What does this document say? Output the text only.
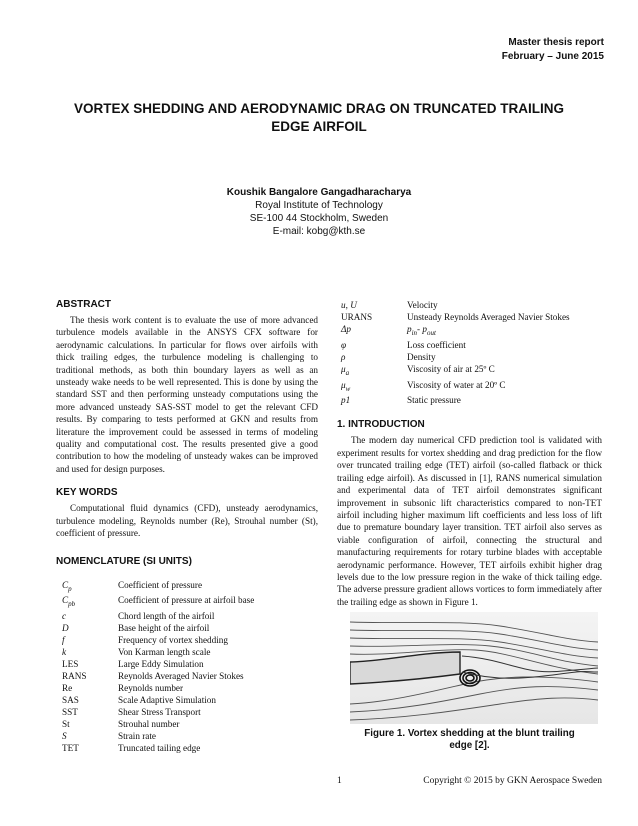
Master thesis report
February – June 2015
VORTEX SHEDDING AND AERODYNAMIC DRAG ON TRUNCATED TRAILING
EDGE AIRFOIL
Koushik Bangalore Gangadharacharya
Royal Institute of Technology
SE-100 44 Stockholm, Sweden
E-mail: kobg@kth.se
ABSTRACT

The thesis work content is to evaluate the use of more advanced turbulence models available in the ANSYS CFX software for aerodynamic calculations. In particular for flows over airfoils with thick trailing edges, the turbulence modeling is challenging to traditional methods, as both thin boundary layers as well as an unsteady wake needs to be well represented. This is done by using the standard SST and then performing unsteady computations using the more advanced unsteady SAS-SST model to get the relevant CFD results. By comparing to tests performed at GKN and results from literature the improvement could be assessed in terms of modeling quality and computational cost. The results presented give a good contribution to how the modeling of unsteady wakes can be improved and used for design purposes.

KEY WORDS

Computational fluid dynamics (CFD), unsteady aerodynamics, turbulence modeling, Reynolds number (Re), Strouhal number (St), coefficient of pressure.

NOMENCLATURE (SI UNITS)
$C_p$	Coefficient of pressure
$C_{pb}$	Coefficient of pressure at airfoil base
c	Chord length of the airfoil
D	Base height of the airfoil
f	Frequency of vortex shedding
k	Von Karman length scale
LES	Large Eddy Simulation
RANS	Reynolds Averaged Navier Stokes
Re	Reynolds number
SAS	Scale Adaptive Simulation
SST	Shear Stress Transport
St	Strouhal number
S	Strain rate
TET	Truncated tailing edge
u, U	Velocity
URANS	Unsteady Reynolds Averaged Navier Stokes
Δp	$p_{in}-$ $p_{out}$
φ	Loss coefficient
ρ	Density
$\mu_a$	Viscosity of air at 25º C
$\mu_w$	Viscosity of water at 20º C
p1	Static pressure
1. INTRODUCTION

The modern day numerical CFD prediction tool is validated with experiment results for vortex shedding and drag prediction for the flow over truncated trailing edge (TET) airfoil (so-called flatback or thick trailing edge airfoil). As discussed in [1], RANS numerical simulation and experimental data of TET airfoil demonstrates significant improvement in subsonic lift characteristics compared to non-TET airfoil including higher maximum lift coefficients and less loss of lift due to premature boundary layer transition. TET airfoil also serves as viable configuration of airfoil, connecting the structural and manufacturing requirements for rotary turbine blades with acceptable aerodynamic performance. However, TET airfoils exhibit higher drag levels due to the low pressure region in the wake of thick tailing edge. The adverse pressure gradient allows vortices to form immediately after the trailing edge as shown in Figure 1.

Figure 1. Vortex shedding at the blunt trailing
edge [2].
1	Copyright © 2015 by GKN Aerospace Sweden
